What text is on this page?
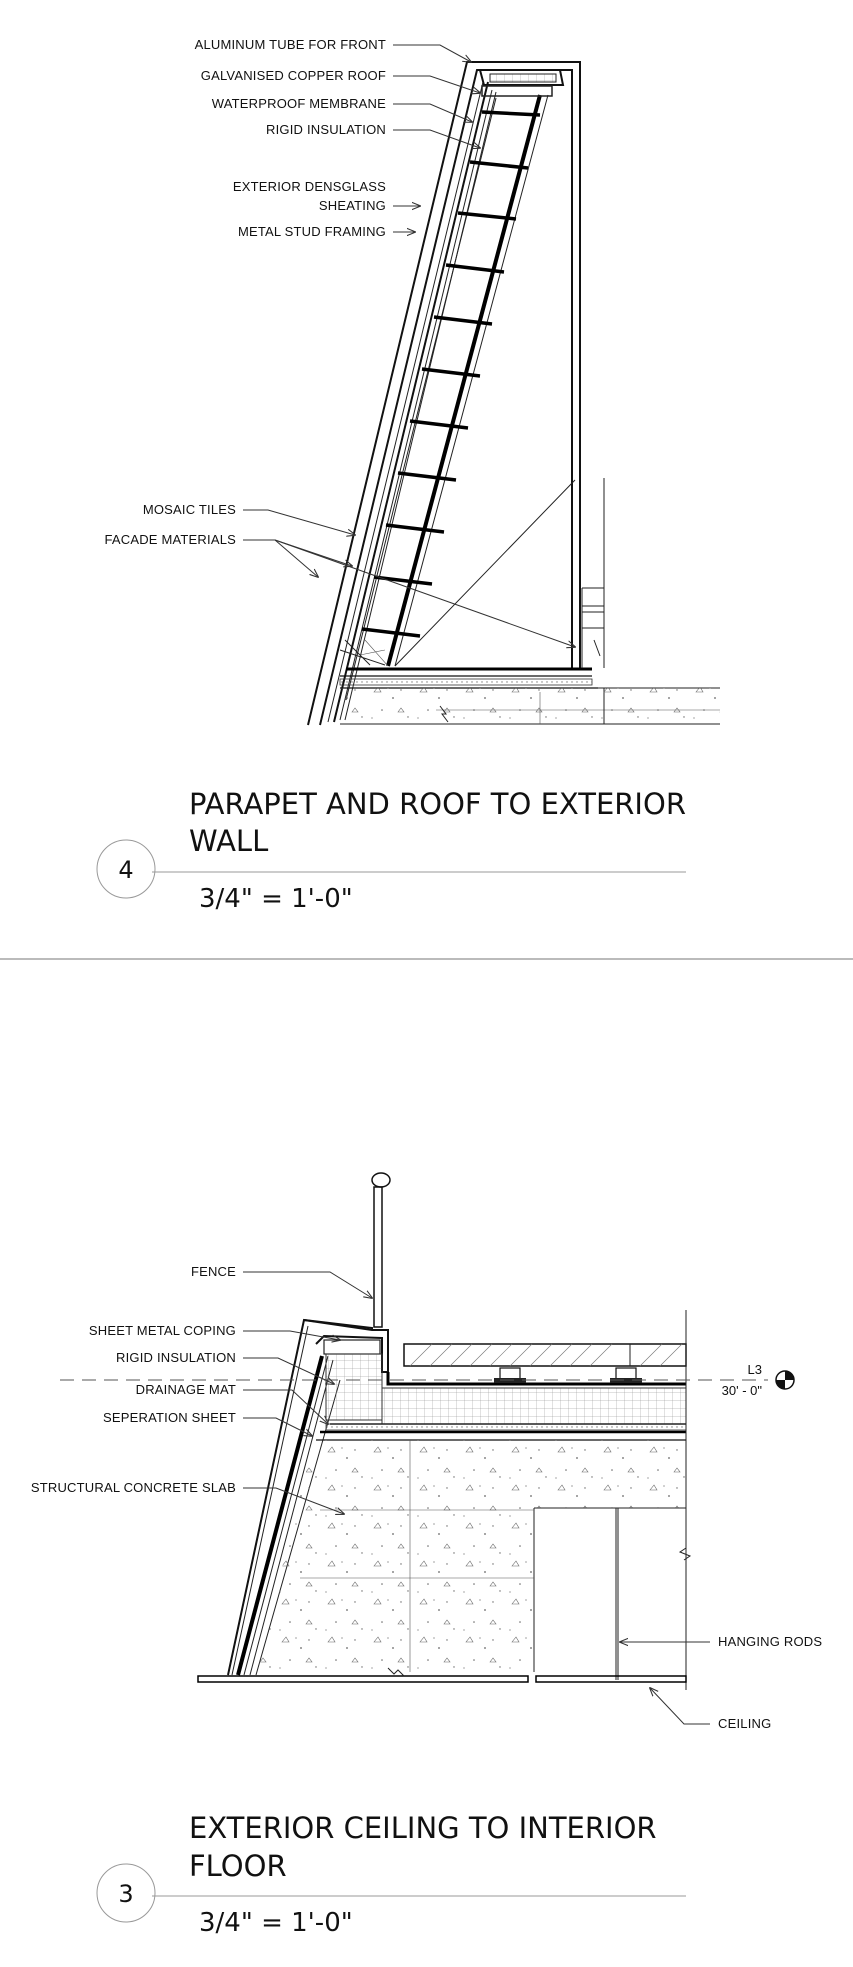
ALUMINUM TUBE FOR FRONT
GALVANISED COPPER ROOF
WATERPROOF MEMBRANE
RIGID INSULATION
EXTERIOR DENSGLASS
SHEATING
METAL STUD FRAMING
MOSAIC TILES
FACADE MATERIALS
4
PARAPET AND ROOF TO EXTERIOR
WALL
3/4" = 1'-0"
L3
30' - 0"
FENCE
SHEET METAL COPING
RIGID INSULATION
DRAINAGE MAT
SEPERATION SHEET
STRUCTURAL CONCRETE SLAB
HANGING RODS
CEILING
3
EXTERIOR CEILING TO INTERIOR
FLOOR
3/4" = 1'-0"
